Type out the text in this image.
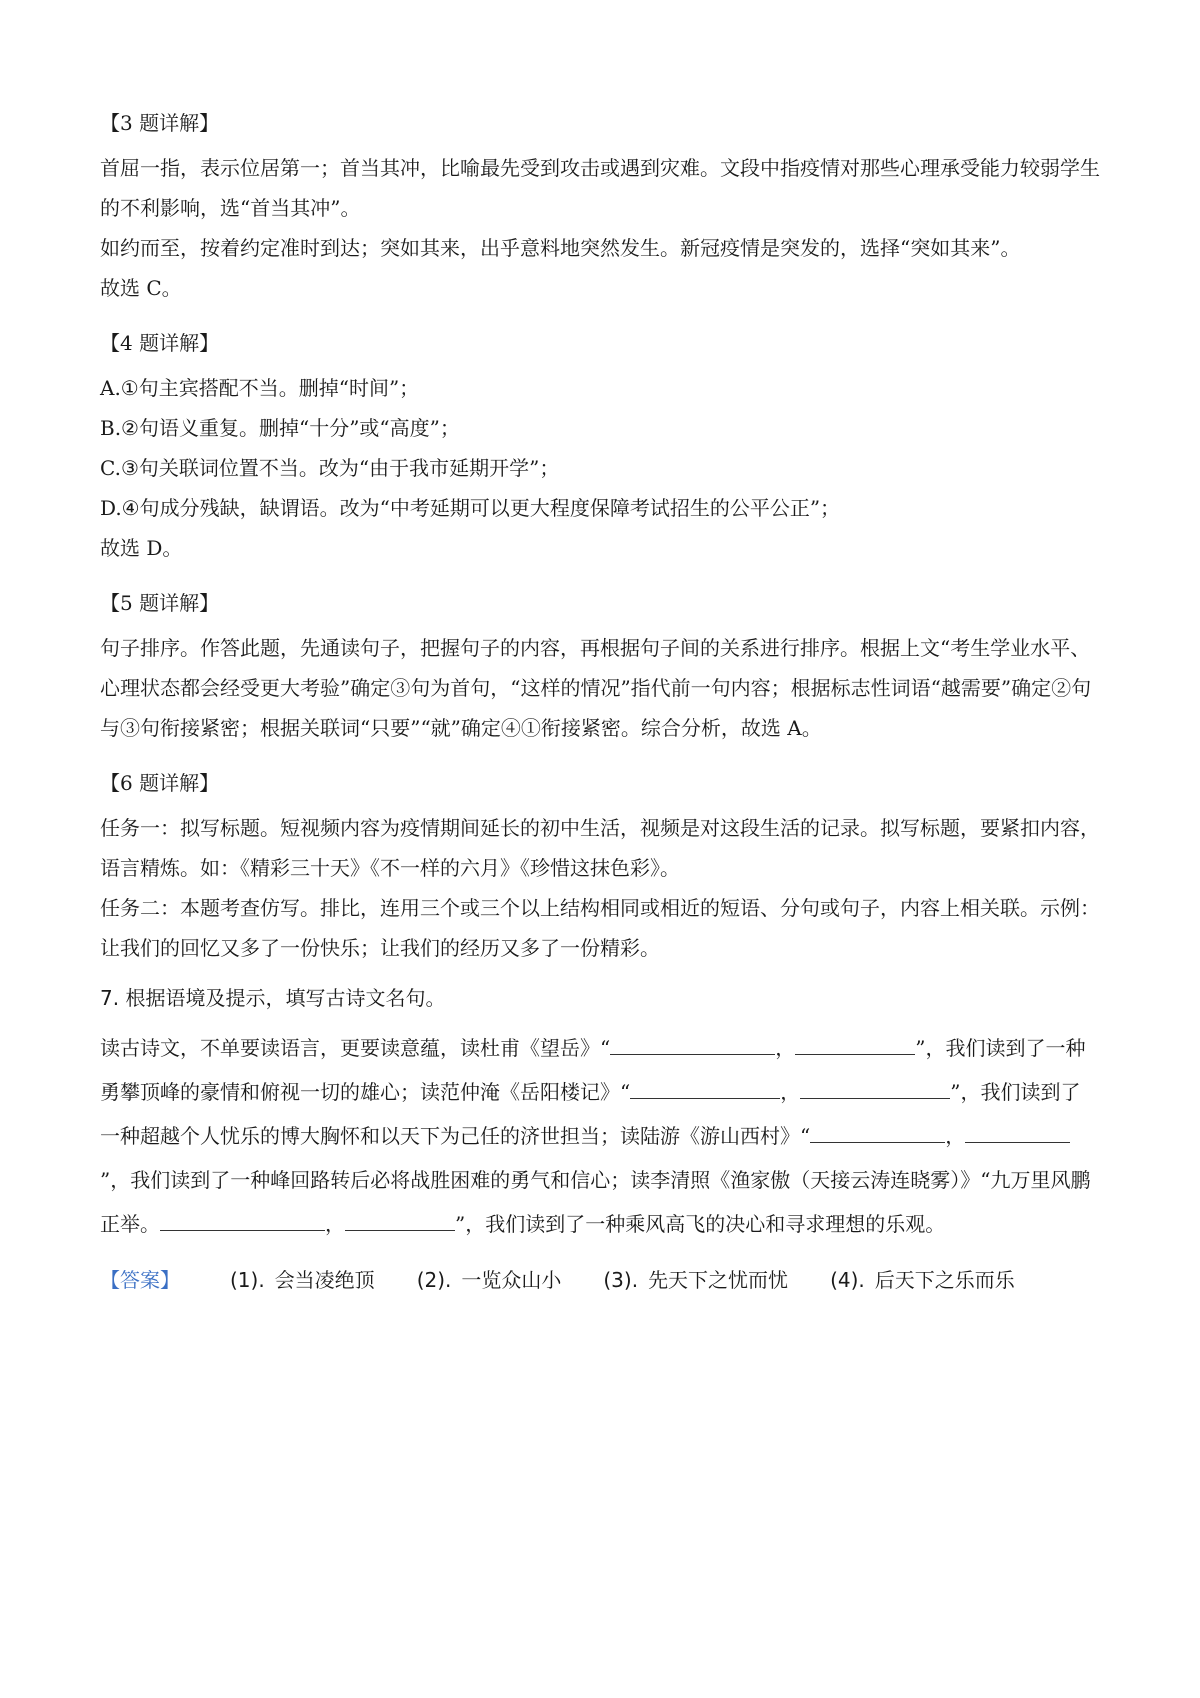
【3 题详解】

首屈一指，表示位居第一；首当其冲，比喻最先受到攻击或遇到灾难。文段中指疫情对那些心理承受能力较弱学生的不利影响，选“首当其冲”。

如约而至，按着约定准时到达；突如其来，出乎意料地突然发生。新冠疫情是突发的，选择“突如其来”。

故选 C。

【4 题详解】

A.①句主宾搭配不当。删掉“时间”；

B.②句语义重复。删掉“十分”或“高度”；

C.③句关联词位置不当。改为“由于我市延期开学”；

D.④句成分残缺，缺谓语。改为“中考延期可以更大程度保障考试招生的公平公正”；

故选 D。

【5 题详解】

句子排序。作答此题，先通读句子，把握句子的内容，再根据句子间的关系进行排序。根据上文“考生学业水平、心理状态都会经受更大考验”确定③句为首句，“这样的情况”指代前一句内容；根据标志性词语“越需要”确定②句与③句衔接紧密；根据关联词“只要”“就”确定④①衔接紧密。综合分析，故选 A。

【6 题详解】

任务一：拟写标题。短视频内容为疫情期间延长的初中生活，视频是对这段生活的记录。拟写标题，要紧扣内容，语言精炼。如：《精彩三十天》《不一样的六月》《珍惜这抹色彩》。

任务二：本题考查仿写。排比，连用三个或三个以上结构相同或相近的短语、分句或句子，内容上相关联。示例：让我们的回忆又多了一份快乐；让我们的经历又多了一份精彩。

7. 根据语境及提示，填写古诗文名句。

读古诗文，不单要读语言，更要读意蕴，读杜甫《望岳》“	，	”，我们读到了一种勇攀顶峰的豪情和俯视一切的雄心；读范仲淹《岳阳楼记》“	，	”，我们读到了一种超越个人忧乐的博大胸怀和以天下为己任的济世担当；读陆游《游山西村》“	，”，我们读到了一种峰回路转后必将战胜困难的勇气和信心；读李清照《渔家傲（天接云涛连晓雾）》“九万里风鹏正举。	，	”，我们读到了一种乘风高飞的决心和寻求理想的乐观。

【答案】	(1). 会当凌绝顶 (2). 一览众山小 (3). 先天下之忧而忧 (4). 后天下之乐而乐
